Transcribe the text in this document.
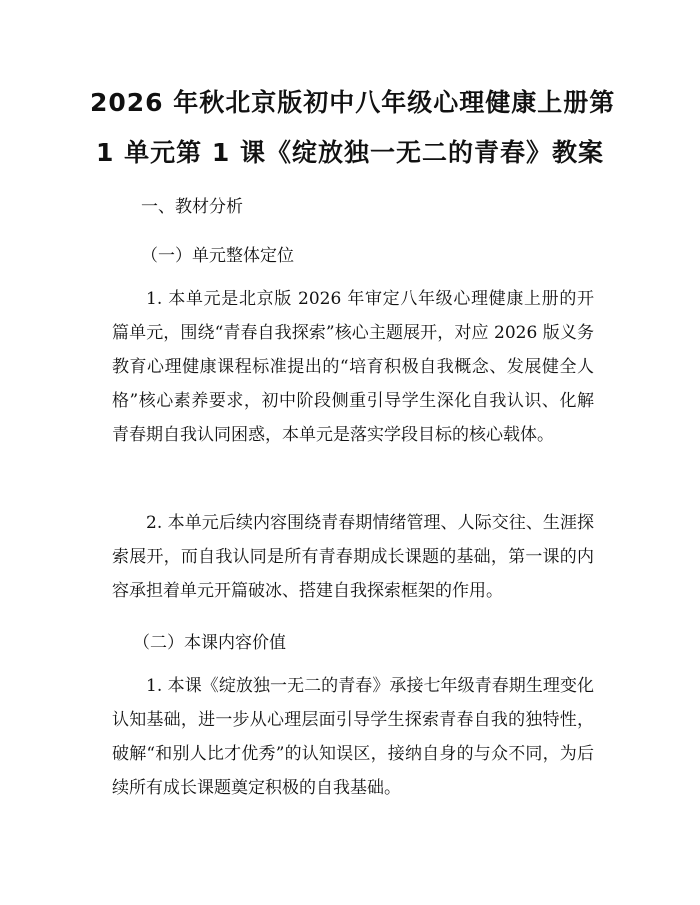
2026 年秋北京版初中八年级心理健康上册第
1 单元第 1 课《绽放独一无二的青春》教案

一、教材分析

（一）单元整体定位

1. 本单元是北京版 2026 年审定八年级心理健康上册的开篇单元，围绕“青春自我探索”核心主题展开，对应 2026 版义务教育心理健康课程标准提出的“培育积极自我概念、发展健全人格”核心素养要求，初中阶段侧重引导学生深化自我认识、化解青春期自我认同困惑，本单元是落实学段目标的核心载体。

2. 本单元后续内容围绕青春期情绪管理、人际交往、生涯探索展开，而自我认同是所有青春期成长课题的基础，第一课的内容承担着单元开篇破冰、搭建自我探索框架的作用。

（二）本课内容价值

1. 本课《绽放独一无二的青春》承接七年级青春期生理变化认知基础，进一步从心理层面引导学生探索青春自我的独特性，破解“和别人比才优秀”的认知误区，接纳自身的与众不同，为后续所有成长课题奠定积极的自我基础。
